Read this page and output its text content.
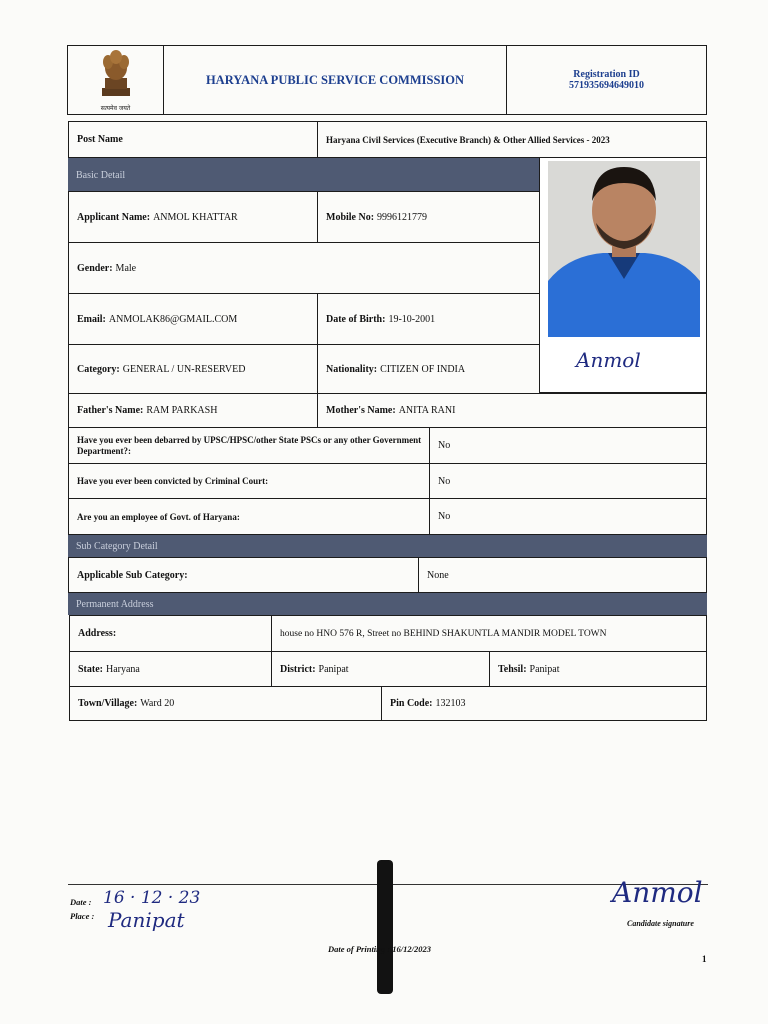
सत्यमेव जयते
HARYANA PUBLIC SERVICE COMMISSION	Registration ID
571935694649010
Post Name	Haryana Civil Services (Executive Branch) & Other Allied Services - 2023
Basic Detail
Anmol
Applicant Name: ANMOL KHATTAR	Mobile No: 9996121779
Gender: Male
Email: ANMOLAK86@GMAIL.COM	Date of Birth: 19-10-2001
Category: GENERAL / UN-RESERVED	Nationality: CITIZEN OF INDIA
Father's Name: RAM PARKASH	Mother's Name: ANITA RANI
Have you ever been debarred by UPSC/HPSC/other State PSCs or any other Government Department?:	No
Have you ever been convicted by Criminal Court:	No
Are you an employee of Govt. of Haryana:	No
Sub Category Detail
Applicable Sub Category:	None
Permanent Address
Address:	house no HNO 576 R, Street no BEHIND SHAKUNTLA MANDIR MODEL TOWN
State: Haryana	District: Panipat	Tehsil: Panipat
Town/Village: Ward 20	Pin Code: 132103
Date : 16 · 12 · 23
Place : Panipat
Date of Printing : 16/12/2023
Anmol
Candidate signature
1
